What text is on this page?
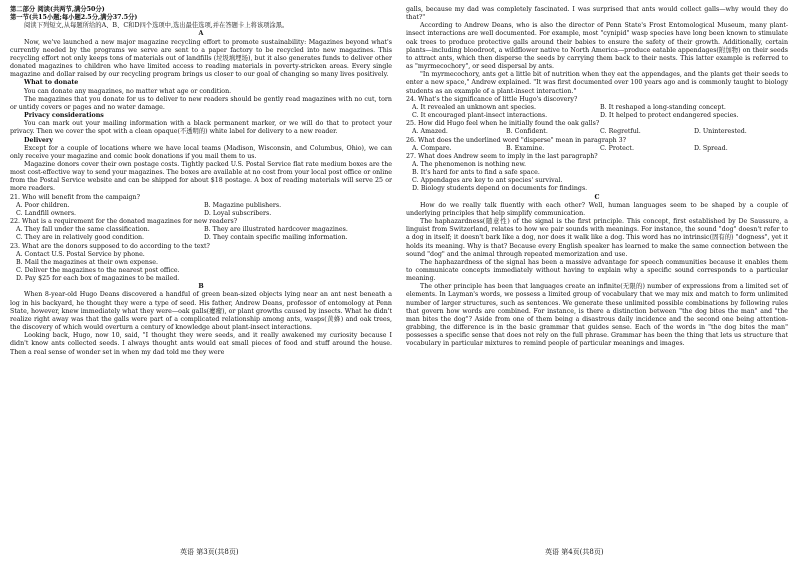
第二部分 阅读(共两节,满分50分)

第一节(共15小题;每小题2.5分,满分37.5分)

阅读下列短文,从每题所给的A、B、C和D四个选项中,选出最佳选项,并在答题卡上将该项涂黑。

A

Now, we've launched a new major magazine recycling effort to promote sustainability: Magazines beyond what's currently needed by the programs we serve are sent to a paper factory to be recycled into new magazines. This recycling effort not only keeps tons of materials out of landfills (垃圾填埋场), but it also generates funds to deliver other donated magazines to children who have limited access to reading materials in poverty-stricken areas. Every single magazine and dollar raised by our recycling program brings us closer to our goal of changing so many lives positively.

What to donate

You can donate any magazines, no matter what age or condition.

The magazines that you donate for us to deliver to new readers should be gently read magazines with no cut, torn or untidy covers or pages and no water damage.

Privacy considerations

You can mark out your mailing information with a black permanent marker, or we will do that to protect your privacy. Then we cover the spot with a clean opaque(不透明的) white label for delivery to a new reader.

Delivery

Except for a couple of locations where we have local teams (Madison, Wisconsin, and Columbus, Ohio), we can only receive your magazine and comic book donations if you mail them to us.

Magazine donors cover their own postage costs. Tightly packed U.S. Postal Service flat rate medium boxes are the most cost-effective way to send your magazines. The boxes are available at no cost from your local post office or online from the Postal Service website and can be shipped for about $18 postage. A box of reading materials will serve 25 or more readers.

21. Who will benefit from the campaign?

A. Poor children.	B. Magazine publishers.
C. Landfill owners.	D. Loyal subscribers.

22. What is a requirement for the donated magazines for new readers?

A. They fall under the same classification.	B. They are illustrated hardcover magazines.
C. They are in relatively good condition.	D. They contain specific mailing information.

23. What are the donors supposed to do according to the text?

A. Contact U.S. Postal Service by phone.
B. Mail the magazines at their own expense.
C. Deliver the magazines to the nearest post office.
D. Pay $25 for each box of magazines to be mailed.

B

When 8-year-old Hugo Deans discovered a handful of green bean-sized objects lying near an ant nest beneath a log in his backyard, he thought they were a type of seed. His father, Andrew Deans, professor of entomology at Penn State, however, knew immediately what they were—oak galls(瘿瘤), or plant growths caused by insects. What he didn't realize right away was that the galls were part of a complicated relationship among ants, wasps(黄蜂) and oak trees, the discovery of which would overturn a century of knowledge about plant-insect interactions.

Looking back, Hugo, now 10, said, "I thought they were seeds, and it really awakened my curiosity because I didn't know ants collected seeds. I always thought ants would eat small pieces of food and stuff around the house. Then a real sense of wonder set in when my dad told me they were

galls, because my dad was completely fascinated. I was surprised that ants would collect galls—why would they do that?"

According to Andrew Deans, who is also the director of Penn State's Frost Entomological Museum, many plant-insect interactions are well documented. For example, most "cynipid" wasp species have long been known to stimulate oak trees to produce protective galls around their babies to ensure the safety of their growth. Additionally, certain plants—including bloodroot, a wildflower native to North America—produce eatable appendages(附加物) on their seeds to attract ants, which then disperse the seeds by carrying them back to their nests. This latter example is referred to as "myrmecochory", or seed dispersal by ants.

"In myrmecochory, ants get a little bit of nutrition when they eat the appendages, and the plants get their seeds to enter a new space," Andrew explained. "It was first documented over 100 years ago and is commonly taught to biology students as an example of a plant-insect interaction."

24. What's the significance of little Hugo's discovery?

A. It revealed an unknown ant species.	B. It reshaped a long-standing concept.
C. It encouraged plant-insect interactions.	D. It helped to protect endangered species.

25. How did Hugo feel when he initially found the oak galls?

A. Amazed.	B. Confident.	C. Regretful.	D. Uninterested.

26. What does the underlined word "disperse" mean in paragraph 3?

A. Compare.	B. Examine.	C. Protect.	D. Spread.

27. What does Andrew seem to imply in the last paragraph?

A. The phenomenon is nothing new.
B. It's hard for ants to find a safe space.
C. Appendages are key to ant species' survival.
D. Biology students depend on documents for findings.

C

How do we really talk fluently with each other? Well, human languages seem to be shaped by a couple of underlying principles that help simplify communication.

The haphazardness(随意性) of the signal is the first principle. This concept, first established by De Saussure, a linguist from Switzerland, relates to how we pair sounds with meanings. For instance, the sound "dog" doesn't refer to a dog in itself; it doesn't bark like a dog, nor does it walk like a dog. This word has no intrinsic(固有的) "dogness", yet it holds its meaning. Why is that? Because every English speaker has learned to make the same connection between the sound "dog" and the animal through repeated memorization and use.

The haphazardness of the signal has been a massive advantage for speech communities because it enables them to communicate concepts immediately without having to explain why a specific sound corresponds to a particular meaning.

The other principle has been that languages create an infinite(无限的) number of expressions from a limited set of elements. In Layman's words, we possess a limited group of vocabulary that we may mix and match to form unlimited number of larger structures, such as sentences. We generate these unlimited possible combinations by following rules that govern how words are combined. For instance, is there a distinction between "the dog bites the man" and "the man bites the dog"? Aside from one of them being a disastrous daily incidence and the second one being attention-grabbing, the difference is in the basic grammar that guides sense. Each of the words in "the dog bites the man" possesses a specific sense that does not rely on the full phrase. Grammar has been the thing that lets us structure that vocabulary in particular mixtures to remind people of particular meanings and images.

英语 第3页(共8页)	英语 第4页(共8页)
